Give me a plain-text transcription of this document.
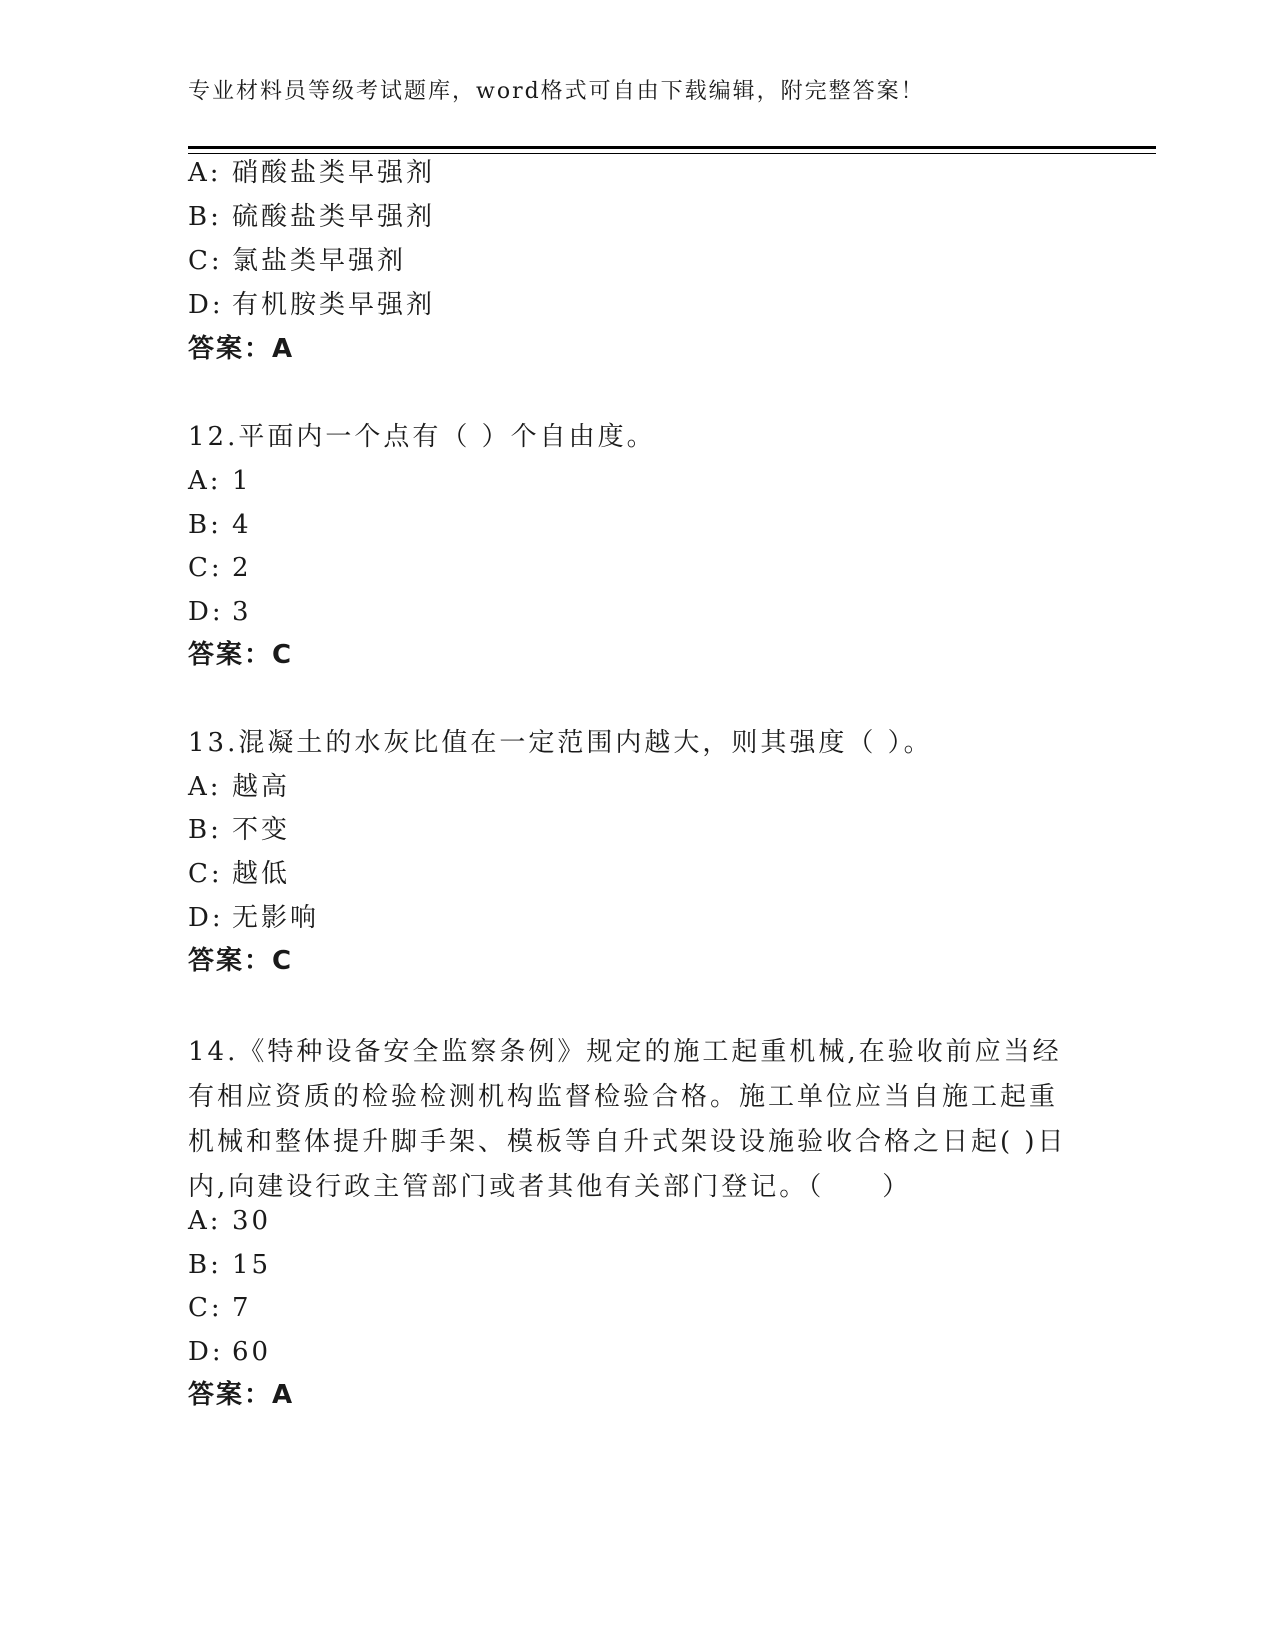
专业材料员等级考试题库，word格式可自由下载编辑，附完整答案！
A: 硝酸盐类早强剂
B: 硫酸盐类早强剂
C: 氯盐类早强剂
D: 有机胺类早强剂
答案：A
12.平面内一个点有（ ）个自由度。
A: 1
B: 4
C: 2
D: 3
答案：C
13.混凝土的水灰比值在一定范围内越大，则其强度（ ）。
A: 越高
B: 不变
C: 越低
D: 无影响
答案：C
14.《特种设备安全监察条例》规定的施工起重机械,在验收前应当经有相应资质的检验检测机构监督检验合格。施工单位应当自施工起重机械和整体提升脚手架、模板等自升式架设设施验收合格之日起( )日内,向建设行政主管部门或者其他有关部门登记。（　　）
A: 30
B: 15
C: 7
D: 60
答案：A
